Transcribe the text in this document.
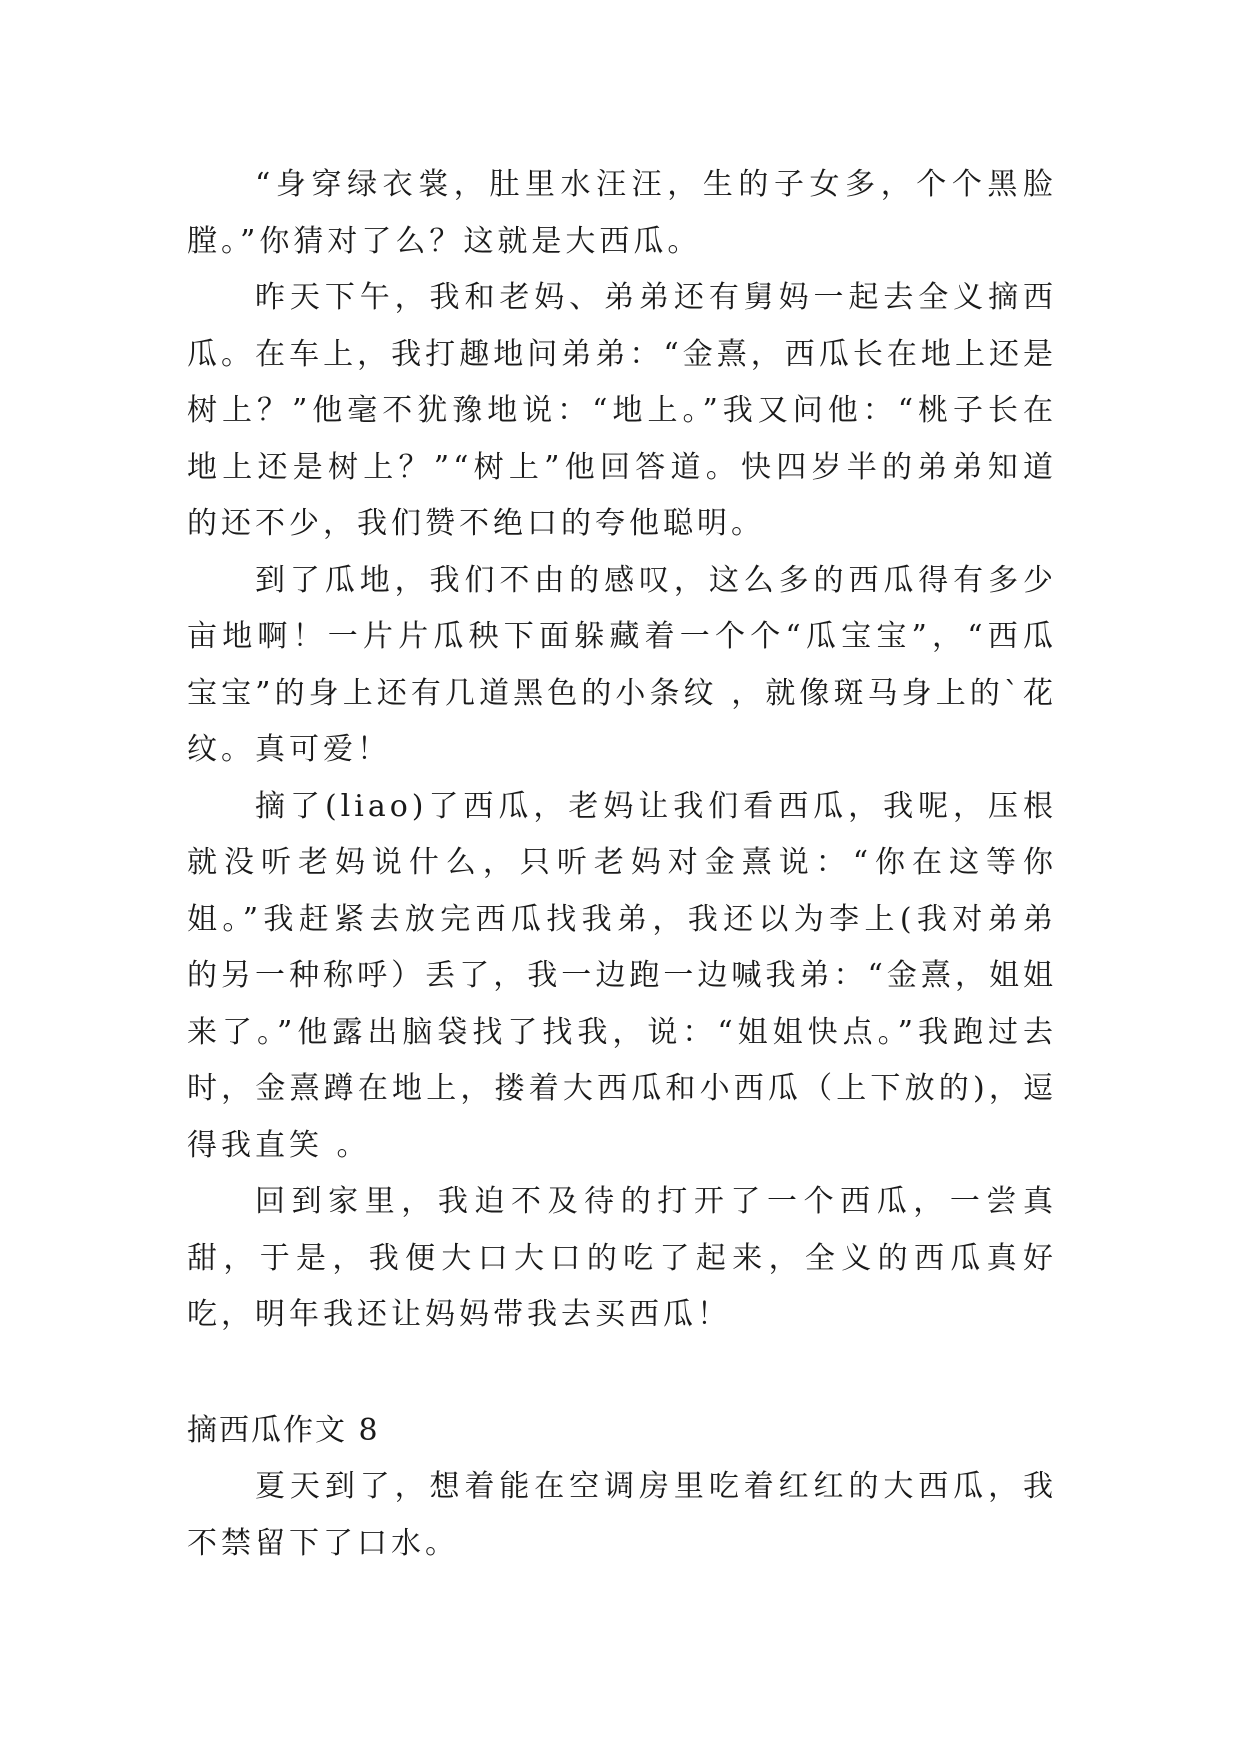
“身穿绿衣裳，肚里水汪汪，生的子女多，个个黑脸膛。”你猜对了么？这就是大西瓜。

昨天下午，我和老妈、弟弟还有舅妈一起去全义摘西瓜。在车上，我打趣地问弟弟：“金熹，西瓜长在地上还是树上？”他毫不犹豫地说：“地上。”我又问他：“桃子长在地上还是树上？”“树上”他回答道。快四岁半的弟弟知道的还不少，我们赞不绝口的夸他聪明。

到了瓜地，我们不由的感叹，这么多的西瓜得有多少亩地啊！一片片瓜秧下面躲藏着一个个“瓜宝宝”，“西瓜宝宝”的身上还有几道黑色的小条纹 ，就像斑马身上的`花纹。真可爱！

摘了(liao)了西瓜，老妈让我们看西瓜，我呢，压根就没听老妈说什么，只听老妈对金熹说：“你在这等你姐。”我赶紧去放完西瓜找我弟，我还以为李上(我对弟弟的另一种称呼）丢了，我一边跑一边喊我弟：“金熹，姐姐来了。”他露出脑袋找了找我，说：“姐姐快点。”我跑过去时，金熹蹲在地上，搂着大西瓜和小西瓜（上下放的)，逗得我直笑 。

回到家里，我迫不及待的打开了一个西瓜，一尝真甜，于是，我便大口大口的吃了起来，全义的西瓜真好吃，明年我还让妈妈带我去买西瓜！

摘西瓜作文 8

夏天到了，想着能在空调房里吃着红红的大西瓜，我不禁留下了口水。
